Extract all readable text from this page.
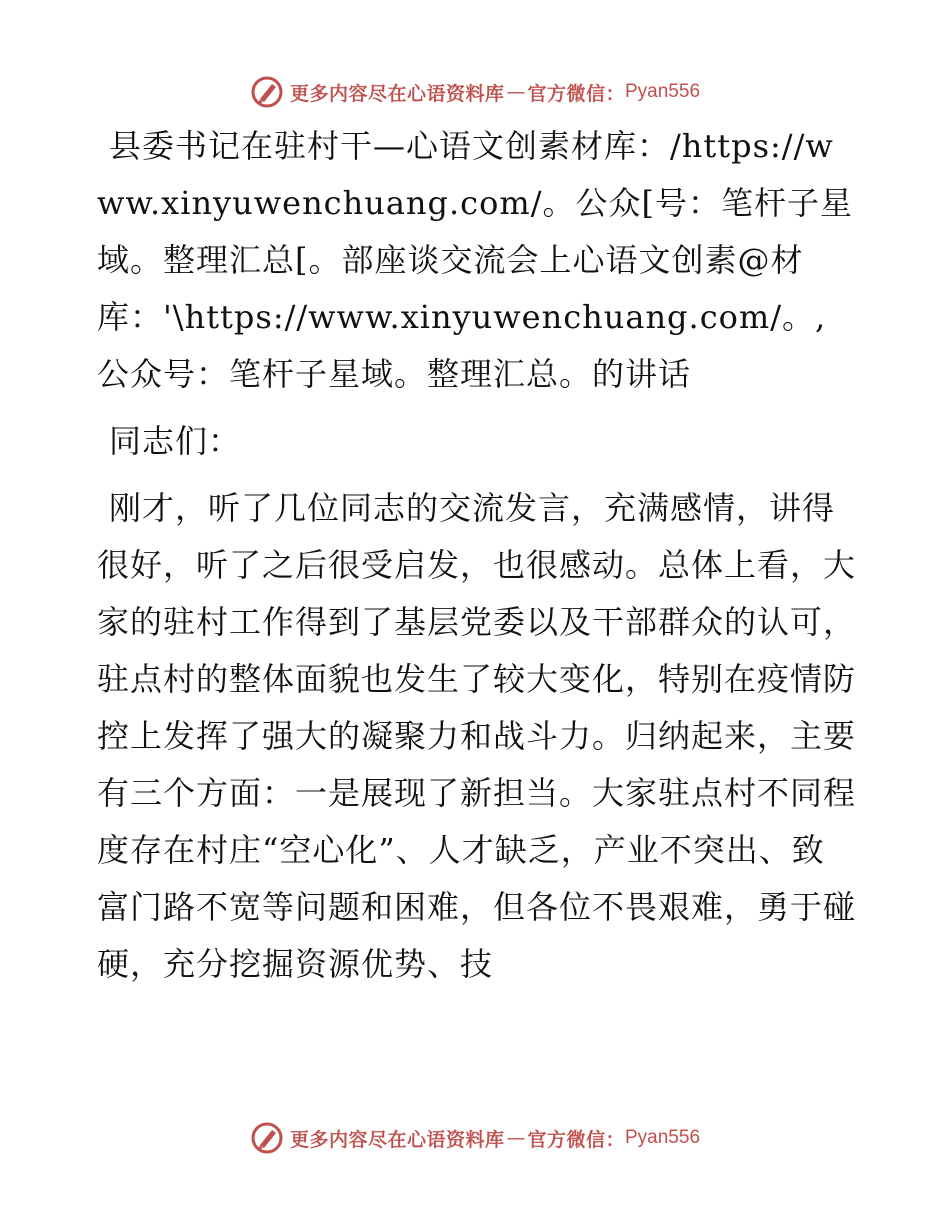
更多内容尽在心语资料库 — 官方微信： Pyan556

县委书记在驻村干—心语文创素材库：/https://www.xinyuwenchuang.com/。公众[号：笔杆子星域。整理汇总[。部座谈交流会上心语文创素@材库：'\https://www.xinyuwenchuang.com/。,公众号：笔杆子星域。整理汇总。的讲话

同志们：

刚才，听了几位同志的交流发言，充满感情，讲得很好，听了之后很受启发，也很感动。总体上看，大家的驻村工作得到了基层党委以及干部群众的认可，驻点村的整体面貌也发生了较大变化，特别在疫情防控上发挥了强大的凝聚力和战斗力。归纳起来，主要有三个方面：一是展现了新担当。大家驻点村不同程度存在村庄“空心化”、人才缺乏，产业不突出、致富门路不宽等问题和困难，但各位不畏艰难，勇于碰硬，充分挖掘资源优势、技

更多内容尽在心语资料库 — 官方微信： Pyan556
